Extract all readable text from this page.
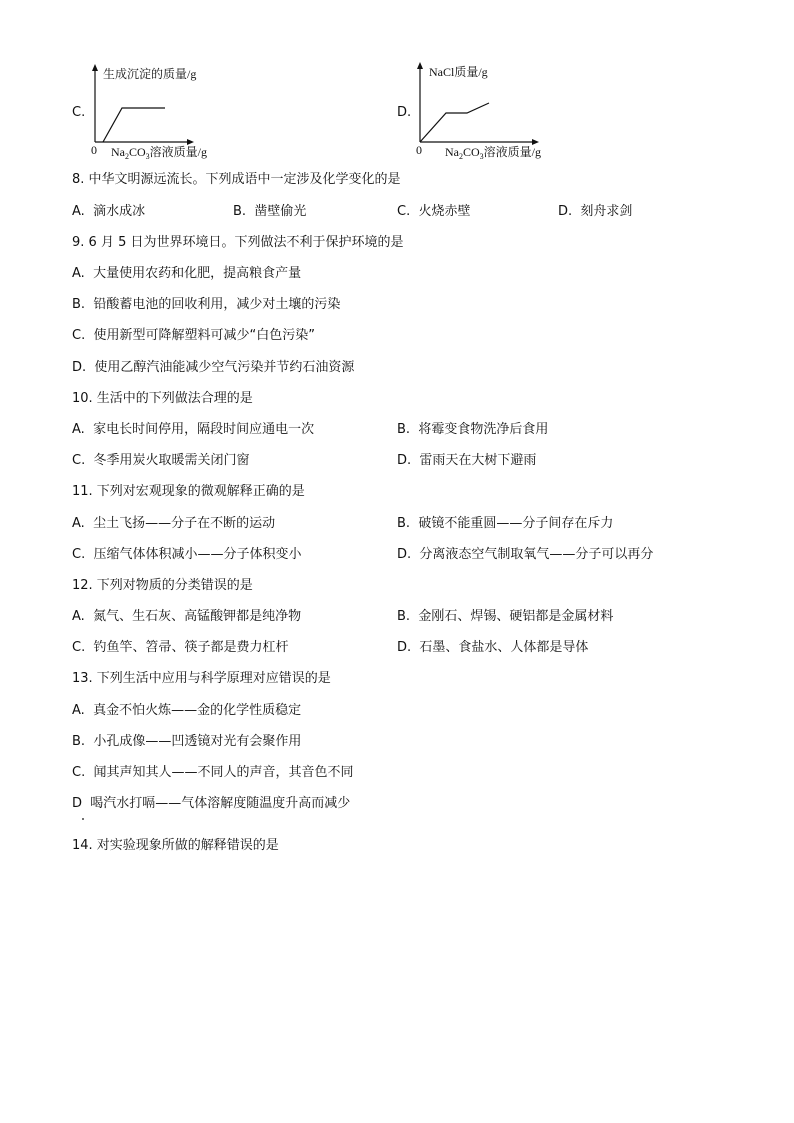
C.
生成沉淀的质量/g
0 $Na_2CO_3$溶液质量/g
D.
NaCl质量/g
0 $Na_2CO_3$溶液质量/g
8. 中华文明源远流长。下列成语中一定涉及化学变化的是
A. 滴水成冰	B. 凿壁偷光	C. 火烧赤壁	D. 刻舟求剑
9. 6 月 5 日为世界环境日。下列做法不利于保护环境的是
A. 大量使用农药和化肥，提高粮食产量
B. 铅酸蓄电池的回收利用，减少对土壤的污染
C. 使用新型可降解塑料可减少“白色污染”
D. 使用乙醇汽油能减少空气污染并节约石油资源
10. 生活中的下列做法合理的是
A. 家电长时间停用，隔段时间应通电一次	B. 将霉变食物洗净后食用
C. 冬季用炭火取暖需关闭门窗	D. 雷雨天在大树下避雨
11. 下列对宏观现象的微观解释正确的是
A. 尘土飞扬——分子在不断的运动	B. 破镜不能重圆——分子间存在斥力
C. 压缩气体体积减小——分子体积变小	D. 分离液态空气制取氧气——分子可以再分
12. 下列对物质的分类错误的是
A. 氮气、生石灰、高锰酸钾都是纯净物	B. 金刚石、焊锡、硬铝都是金属材料
C. 钓鱼竿、笤帚、筷子都是费力杠杆	D. 石墨、食盐水、人体都是导体
13. 下列生活中应用与科学原理对应错误的是
A. 真金不怕火炼——金的化学性质稳定
B. 小孔成像——凹透镜对光有会聚作用
C. 闻其声知其人——不同人的声音，其音色不同
D 喝汽水打嗝——气体溶解度随温度升高而减少
14. 对实验现象所做的解释错误的是
